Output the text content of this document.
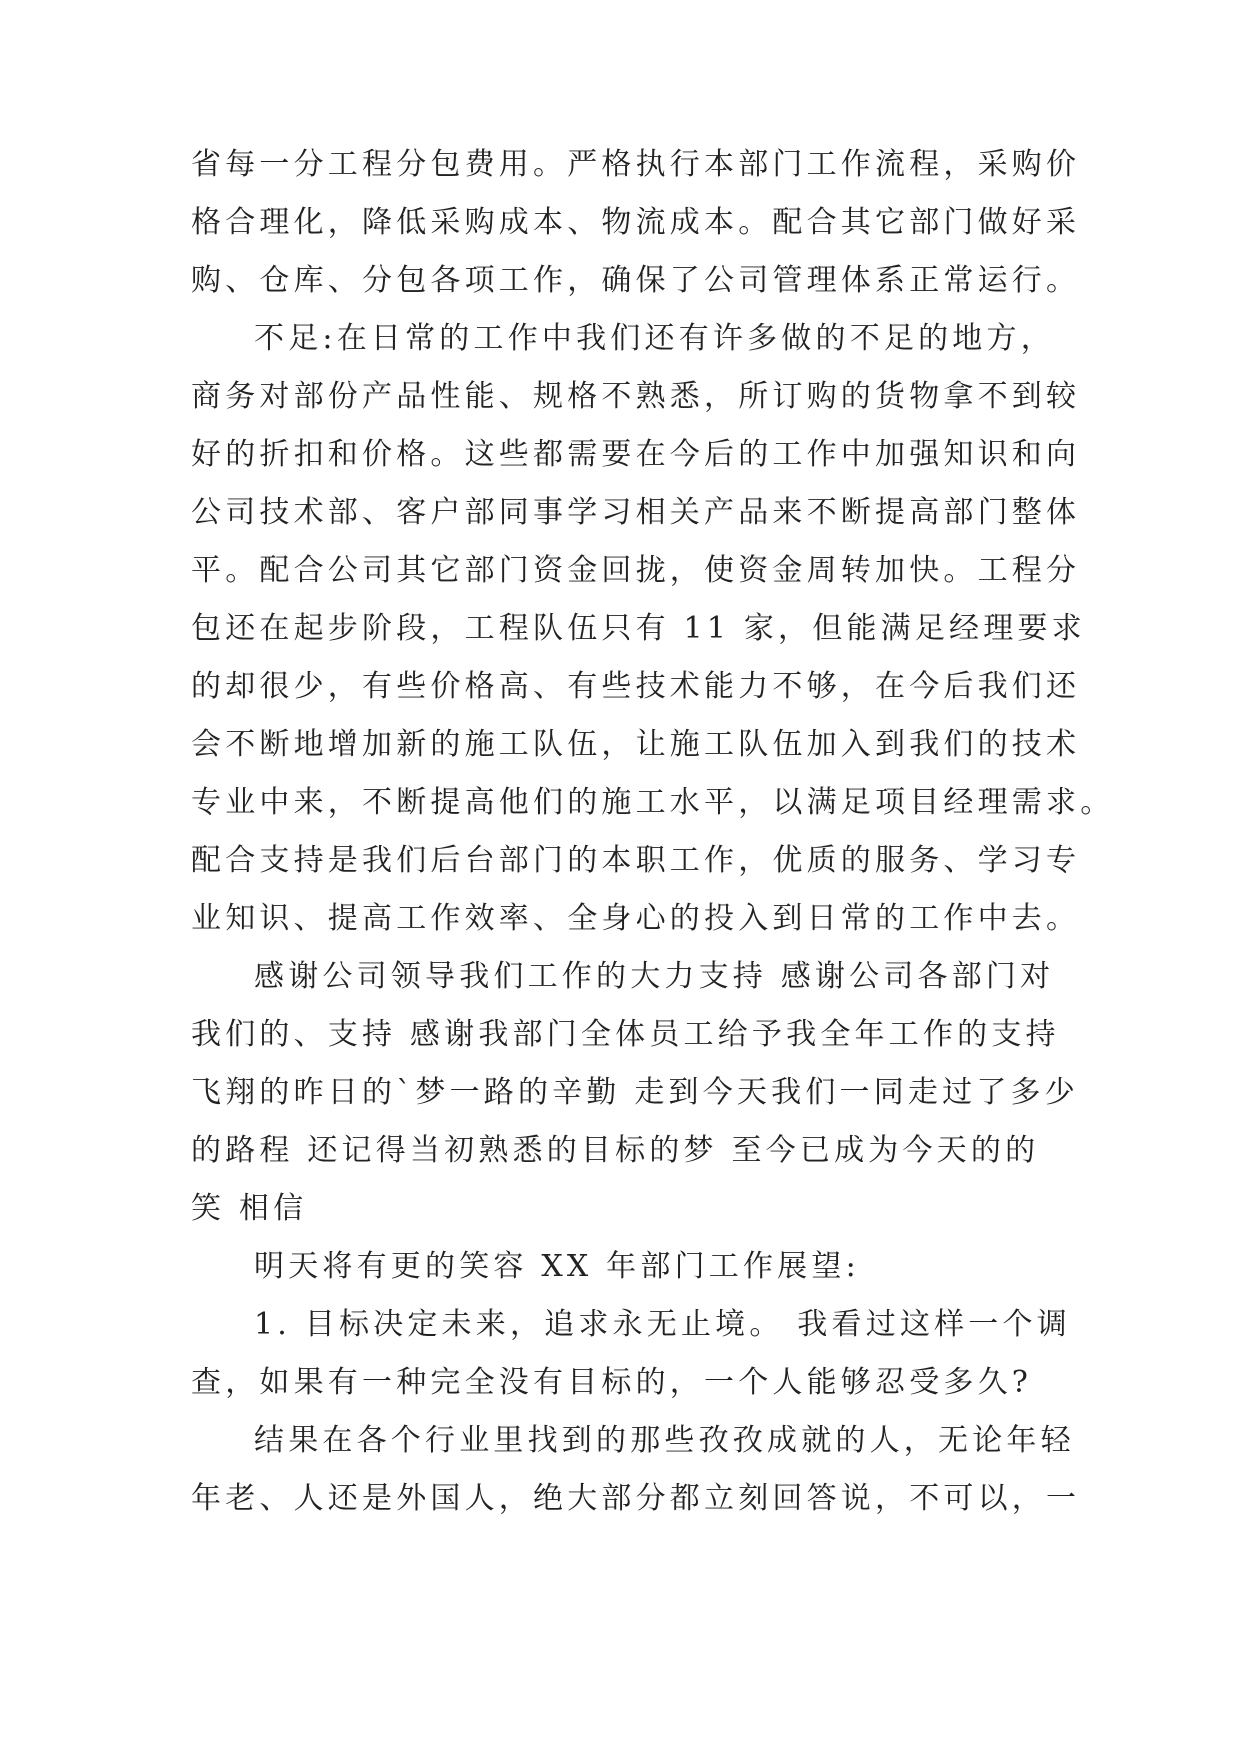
省每一分工程分包费用。严格执行本部门工作流程，采购价
格合理化，降低采购成本、物流成本。配合其它部门做好采
购、仓库、分包各项工作，确保了公司管理体系正常运行。
不足:在日常的工作中我们还有许多做的不足的地方，
商务对部份产品性能、规格不熟悉，所订购的货物拿不到较
好的折扣和价格。这些都需要在今后的工作中加强知识和向
公司技术部、客户部同事学习相关产品来不断提高部门整体
平。配合公司其它部门资金回拢，使资金周转加快。工程分
包还在起步阶段，工程队伍只有 11 家，但能满足经理要求
的却很少，有些价格高、有些技术能力不够，在今后我们还
会不断地增加新的施工队伍，让施工队伍加入到我们的技术
专业中来，不断提高他们的施工水平，以满足项目经理需求。
配合支持是我们后台部门的本职工作，优质的服务、学习专
业知识、提高工作效率、全身心的投入到日常的工作中去。
感谢公司领导我们工作的大力支持 感谢公司各部门对
我们的、支持 感谢我部门全体员工给予我全年工作的支持
飞翔的昨日的`梦一路的辛勤 走到今天我们一同走过了多少
的路程 还记得当初熟悉的目标的梦 至今已成为今天的的
笑 相信
明天将有更的笑容 XX 年部门工作展望:
1. 目标决定未来，追求永无止境。 我看过这样一个调
查，如果有一种完全没有目标的，一个人能够忍受多久?
结果在各个行业里找到的那些孜孜成就的人，无论年轻
年老、人还是外国人，绝大部分都立刻回答说，不可以，一
